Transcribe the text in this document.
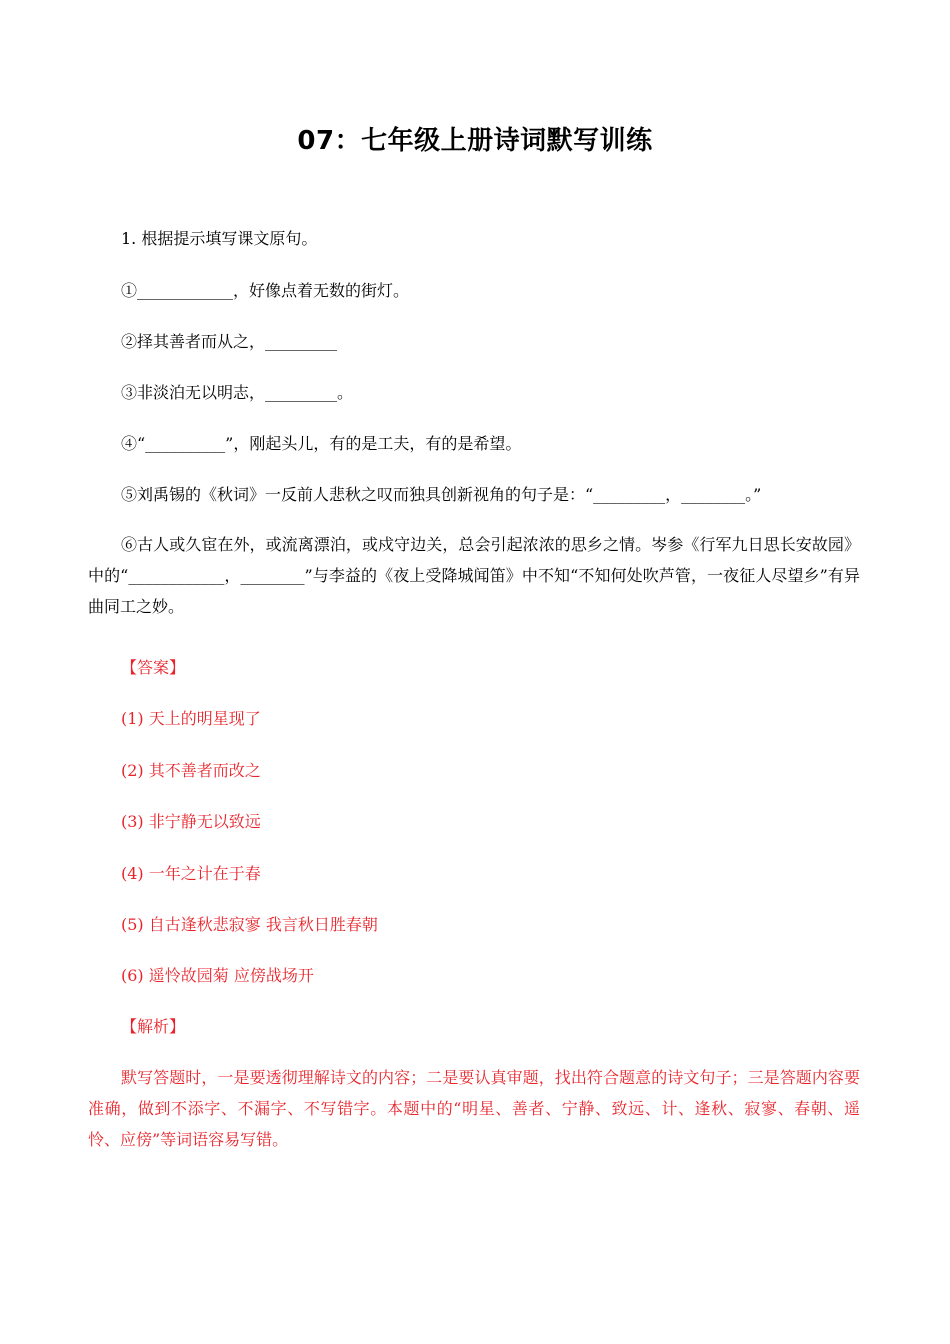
07：七年级上册诗词默写训练
1. 根据提示填写课文原句。
①____________，好像点着无数的街灯。
②择其善者而从之，_________
③非淡泊无以明志，_________。
④“__________”，刚起头儿，有的是工夫，有的是希望。
⑤刘禹锡的《秋词》一反前人悲秋之叹而独具创新视角的句子是：“_________，________。”
⑥古人或久宦在外，或流离漂泊，或戍守边关，总会引起浓浓的思乡之情。岑参《行军九日思长安故园》中的“____________，________”与李益的《夜上受降城闻笛》中不知“不知何处吹芦管，一夜征人尽望乡”有异曲同工之妙。
【答案】
(1) 天上的明星现了
(2) 其不善者而改之
(3) 非宁静无以致远
(4) 一年之计在于春
(5) 自古逢秋悲寂寥 我言秋日胜春朝
(6) 遥怜故园菊 应傍战场开
【解析】
默写答题时，一是要透彻理解诗文的内容；二是要认真审题，找出符合题意的诗文句子；三是答题内容要准确，做到不添字、不漏字、不写错字。本题中的“明星、善者、宁静、致远、计、逢秋、寂寥、春朝、遥怜、应傍”等词语容易写错。
